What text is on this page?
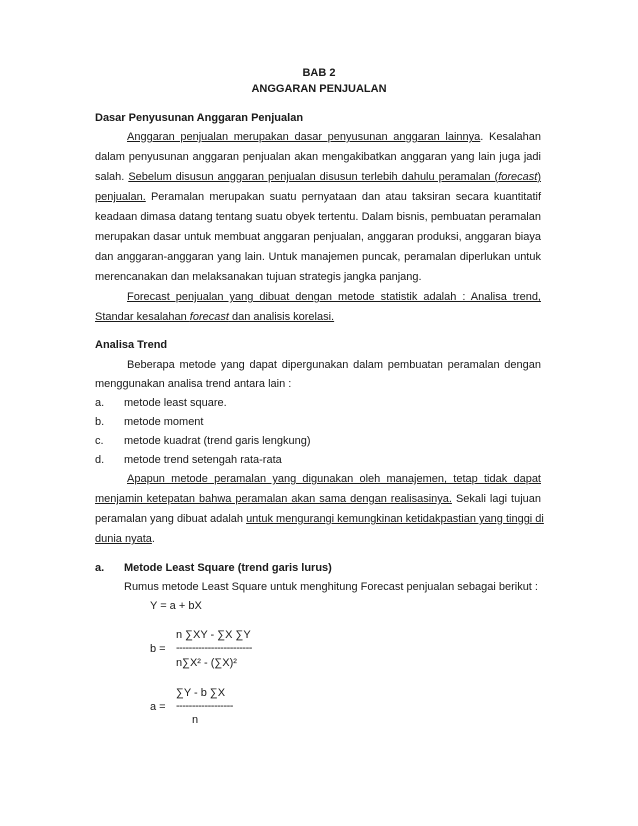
BAB 2
ANGGARAN PENJUALAN
Dasar Penyusunan Anggaran Penjualan
Anggaran penjualan merupakan dasar penyusunan anggaran lainnya. Kesalahan
dalam penyusunan anggaran penjualan akan mengakibatkan anggaran yang lain juga jadi
salah. Sebelum disusun anggaran penjualan disusun terlebih dahulu peramalan (forecast)
penjualan. Peramalan merupakan suatu pernyataan dan atau taksiran secara kuantitatif
keadaan dimasa datang tentang suatu obyek tertentu. Dalam bisnis, pembuatan peramalan
merupakan dasar untuk membuat anggaran penjualan, anggaran produksi, anggaran biaya
dan anggaran-anggaran yang lain. Untuk manajemen puncak, peramalan diperlukan untuk
merencanakan dan melaksanakan tujuan strategis jangka panjang.
Forecast penjualan yang dibuat dengan metode statistik adalah : Analisa trend,
Standar kesalahan forecast dan analisis korelasi.
Analisa Trend
Beberapa metode yang dapat dipergunakan dalam pembuatan peramalan dengan
menggunakan analisa trend antara lain :
a. metode least square.
b. metode moment
c. metode kuadrat (trend garis lengkung)
d. metode trend setengah rata-rata
Apapun metode peramalan yang digunakan oleh manajemen, tetap tidak dapat
menjamin ketepatan bahwa peramalan akan sama dengan realisasinya. Sekali lagi tujuan
peramalan yang dibuat adalah untuk mengurangi kemungkinan ketidakpastian yang tinggi di
dunia nyata.
a. Metode Least Square (trend garis lurus)
Rumus metode Least Square untuk menghitung Forecast penjualan sebagai berikut :
Y = a + bX
n ∑XY - ∑X ∑Y
b = ------------------------
n∑X² - (∑X)²
∑Y - b ∑X
a = ------------------
n
